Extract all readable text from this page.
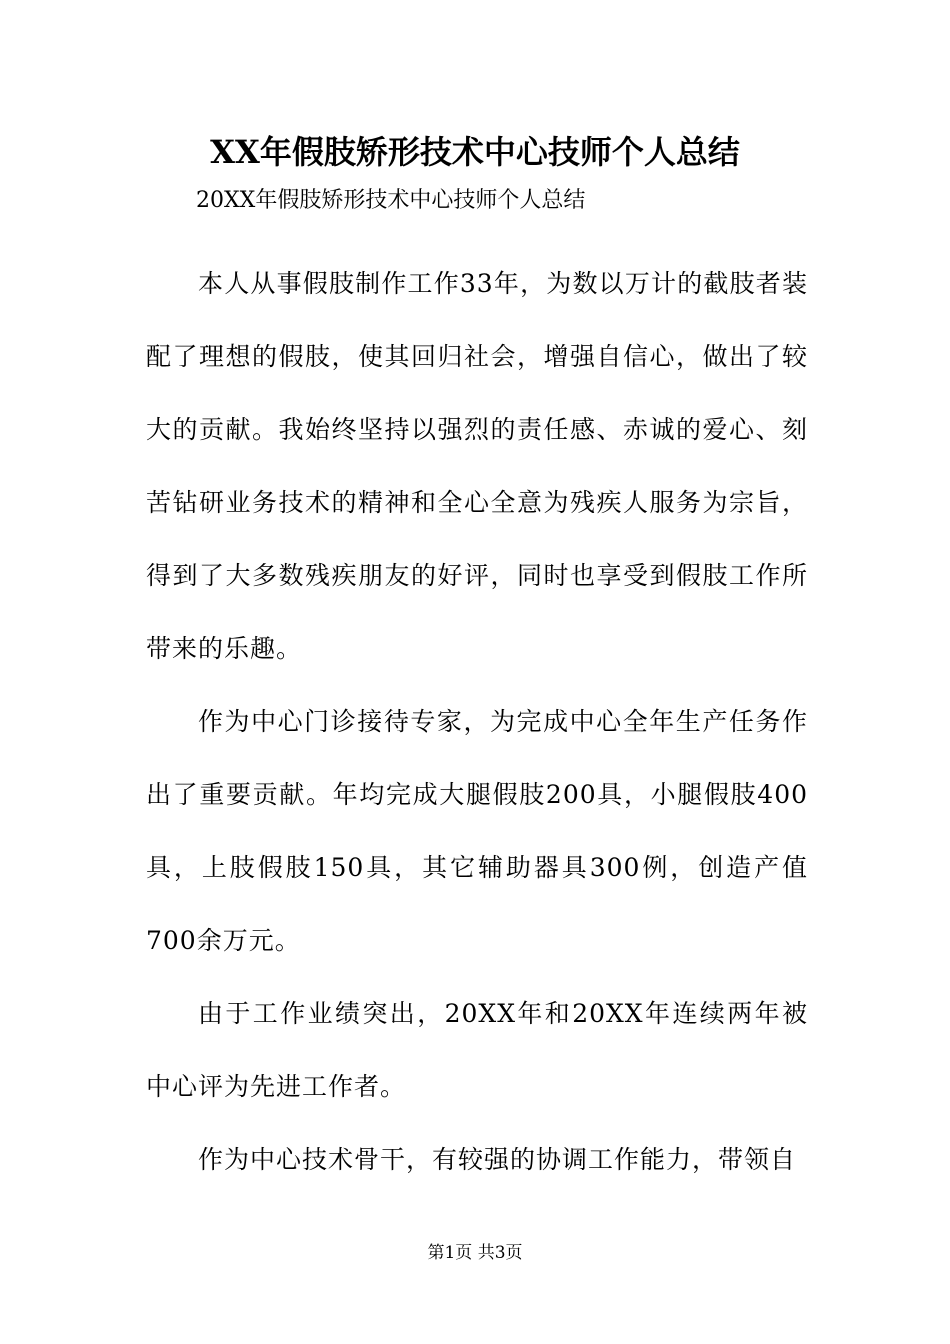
XX年假肢矫形技术中心技师个人总结

20XX年假肢矫形技术中心技师个人总结

本人从事假肢制作工作33年，为数以万计的截肢者装配了理想的假肢，使其回归社会，增强自信心，做出了较大的贡献。我始终坚持以强烈的责任感、赤诚的爱心、刻苦钻研业务技术的精神和全心全意为残疾人服务为宗旨，得到了大多数残疾朋友的好评，同时也享受到假肢工作所带来的乐趣。

作为中心门诊接待专家，为完成中心全年生产任务作出了重要贡献。年均完成大腿假肢200具，小腿假肢400具，上肢假肢150具，其它辅助器具300例，创造产值700余万元。

由于工作业绩突出，20XX年和20XX年连续两年被中心评为先进工作者。

作为中心技术骨干，有较强的协调工作能力，带领自

第1页 共3页
